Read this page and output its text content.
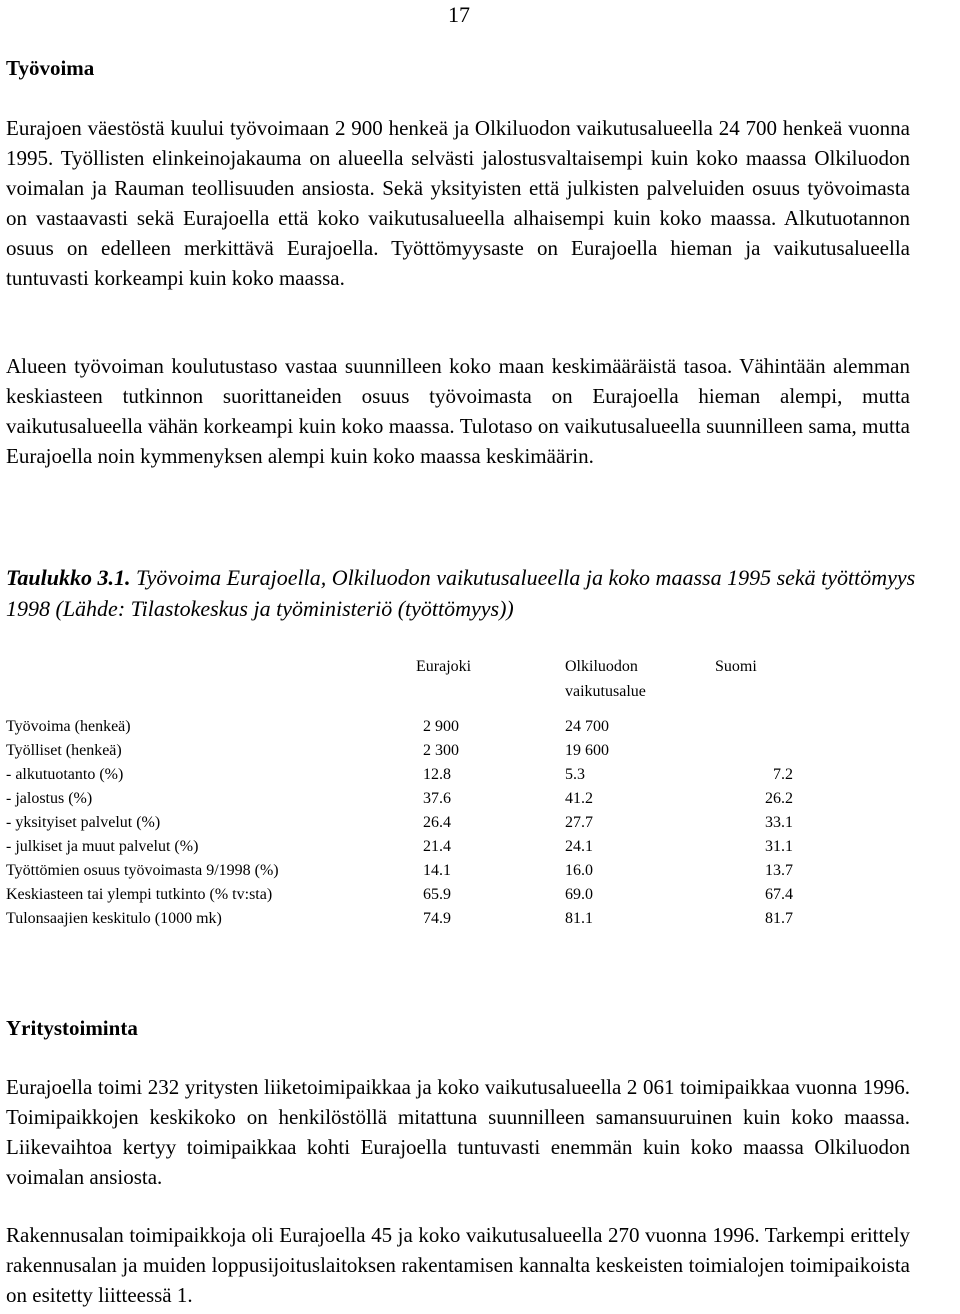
17
Työvoima
Eurajoen väestöstä kuului työvoimaan 2 900 henkeä ja Olkiluodon vaikutusalueella 24 700 henkeä vuonna 1995. Työllisten elinkeinojakauma on alueella selvästi jalostusvaltaisempi kuin koko maassa Olkiluodon voimalan ja Rauman teollisuuden ansiosta. Sekä yksityisten että julkisten palveluiden osuus työvoimasta on vastaavasti sekä Eurajoella että koko vaikutusalueella alhaisempi kuin koko maassa. Alkutuotannon osuus on edelleen merkittävä Eurajoella. Työttömyysaste on Eurajoella hieman ja vaikutusalueella tuntuvasti korkeampi kuin koko maassa.
Alueen työvoiman koulutustaso vastaa suunnilleen koko maan keskimääräistä tasoa. Vähintään alemman keskiasteen tutkinnon suorittaneiden osuus työvoimasta on Eurajoella hieman alempi, mutta vaikutusalueella vähän korkeampi kuin koko maassa. Tulotaso on vaikutusalueella suunnilleen sama, mutta Eurajoella noin kymmenyksen alempi kuin koko maassa keskimäärin.
Taulukko 3.1. Työvoima Eurajoella, Olkiluodon vaikutusalueella ja koko maassa 1995 sekä työttömyys 1998 (Lähde: Tilastokeskus ja työministeriö (työttömyys))
	Eurajoki	Olkiluodon vaikutusalue	Suomi
Työvoima (henkeä)	2 900	24 700	
Työlliset (henkeä)	2 300	19 600	
- alkutuotanto (%)	12.8	5.3	7.2
- jalostus (%)	37.6	41.2	26.2
- yksityiset palvelut (%)	26.4	27.7	33.1
- julkiset ja muut palvelut (%)	21.4	24.1	31.1
Työttömien osuus työvoimasta 9/1998 (%)	14.1	16.0	13.7
Keskiasteen tai ylempi tutkinto (% tv:sta)	65.9	69.0	67.4
Tulonsaajien keskitulo (1000 mk)	74.9	81.1	81.7
Yritystoiminta
Eurajoella toimi 232 yritysten liiketoimipaikkaa ja koko vaikutusalueella 2 061 toimipaikkaa vuonna 1996. Toimipaikkojen keskikoko on henkilöstöllä mitattuna suunnilleen samansuuruinen kuin koko maassa. Liikevaihtoa kertyy toimipaikkaa kohti Eurajoella tuntuvasti enemmän kuin koko maassa Olkiluodon voimalan ansiosta.
Rakennusalan toimipaikkoja oli Eurajoella 45 ja koko vaikutusalueella 270 vuonna 1996. Tarkempi erittely rakennusalan ja muiden loppusijoituslaitoksen rakentamisen kannalta keskeisten toimialojen toimipaikoista on esitetty liitteessä 1.
